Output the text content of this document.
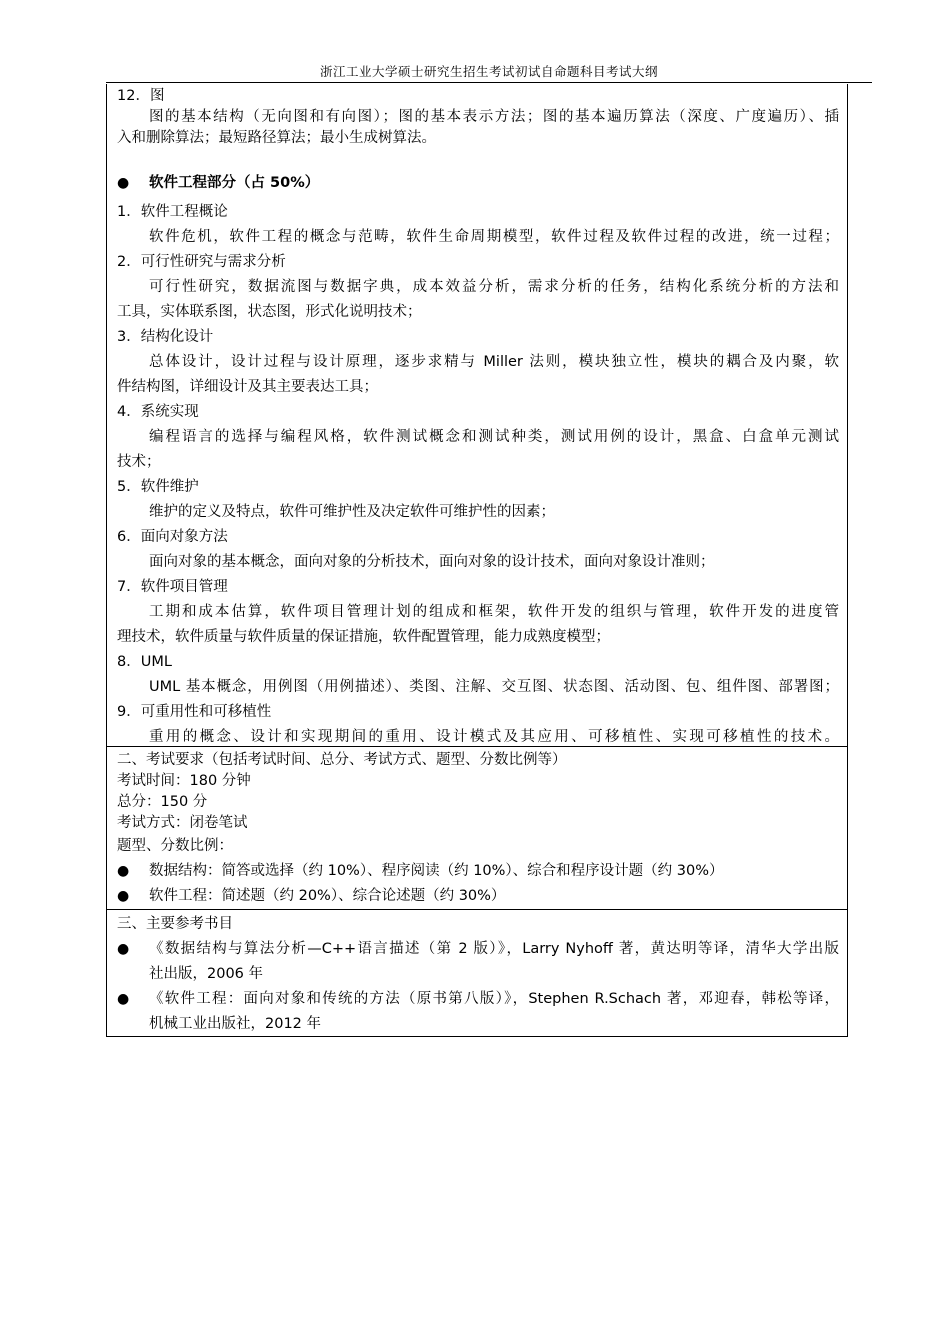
浙江工业大学硕士研究生招生考试初试自命题科目考试大纲
12．图
图的基本结构（无向图和有向图）；图的基本表示方法；图的基本遍历算法（深度、广度遍历）、插
入和删除算法；最短路径算法；最小生成树算法。
● 软件工程部分（占 50%）
1．软件工程概论
软件危机，软件工程的概念与范畴，软件生命周期模型，软件过程及软件过程的改进，统一过程；
2．可行性研究与需求分析
可行性研究，数据流图与数据字典，成本效益分析，需求分析的任务，结构化系统分析的方法和
工具，实体联系图，状态图，形式化说明技术；
3．结构化设计
总体设计，设计过程与设计原理，逐步求精与 Miller 法则，模块独立性，模块的耦合及内聚，软
件结构图，详细设计及其主要表达工具；
4．系统实现
编程语言的选择与编程风格，软件测试概念和测试种类，测试用例的设计，黑盒、白盒单元测试
技术；
5．软件维护
维护的定义及特点，软件可维护性及决定软件可维护性的因素；
6．面向对象方法
面向对象的基本概念，面向对象的分析技术，面向对象的设计技术，面向对象设计准则；
7．软件项目管理
工期和成本估算，软件项目管理计划的组成和框架，软件开发的组织与管理，软件开发的进度管
理技术，软件质量与软件质量的保证措施，软件配置管理，能力成熟度模型；
8．UML
UML 基本概念，用例图（用例描述）、类图、注解、交互图、状态图、活动图、包、组件图、部署图；
9．可重用性和可移植性
重用的概念、设计和实现期间的重用、设计模式及其应用、可移植性、实现可移植性的技术。
二、考试要求（包括考试时间、总分、考试方式、题型、分数比例等）
考试时间：180 分钟
总分：150 分
考试方式：闭卷笔试
题型、分数比例：
● 数据结构：简答或选择（约 10%）、程序阅读（约 10%）、综合和程序设计题（约 30%）
● 软件工程：简述题（约 20%）、综合论述题（约 30%）
三、主要参考书目
● 《数据结构与算法分析—C++语言描述（第 2 版）》，Larry Nyhoff 著，黄达明等译，清华大学出版
社出版，2006 年
● 《软件工程：面向对象和传统的方法（原书第八版）》，Stephen R.Schach 著，邓迎春，韩松等译，
机械工业出版社，2012 年
